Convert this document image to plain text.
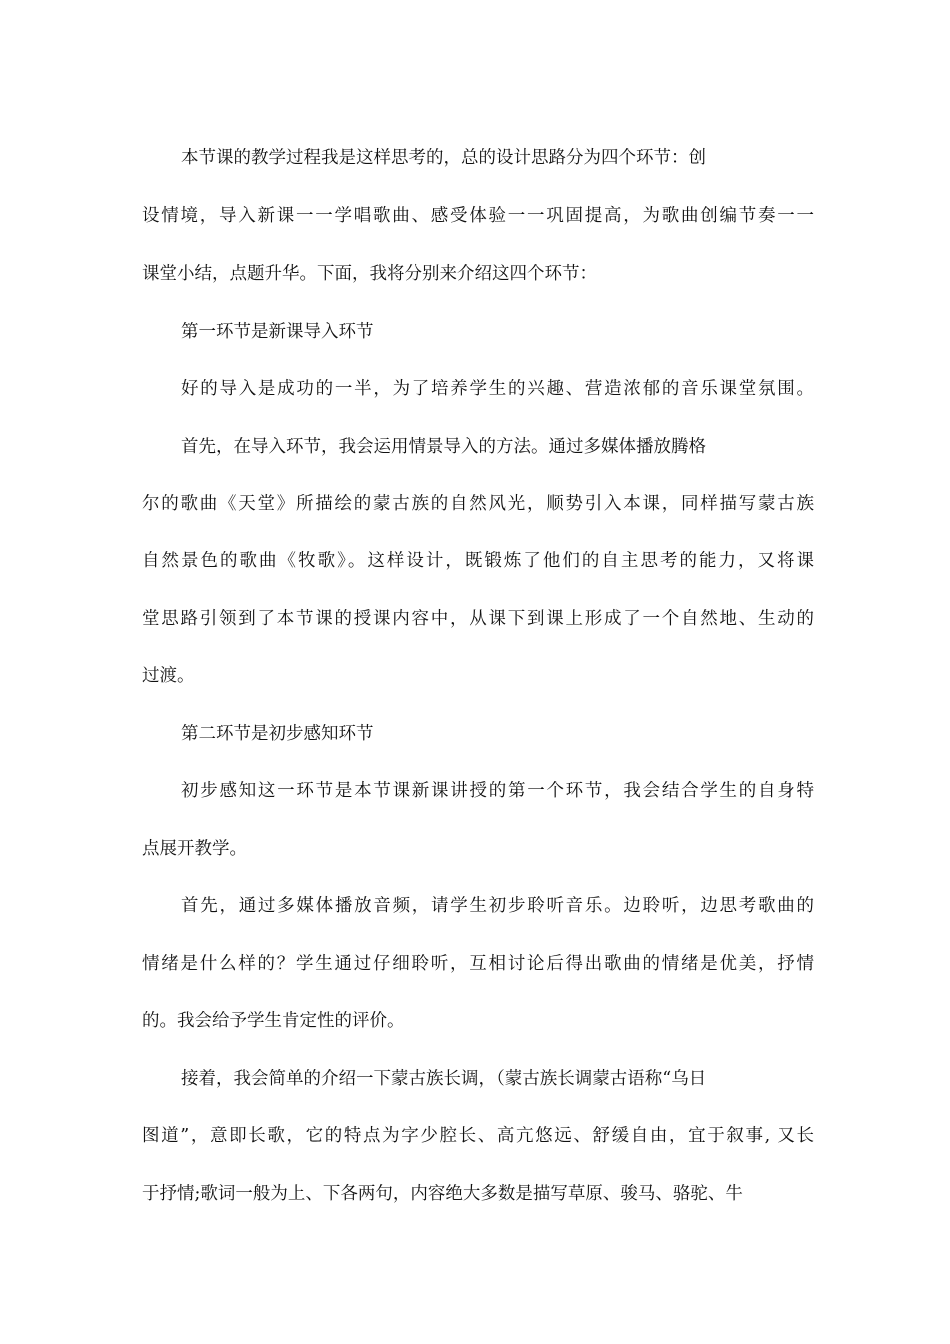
本节课的教学过程我是这样思考的，总的设计思路分为四个环节：创
设情境，导入新课一一学唱歌曲、感受体验一一巩固提高，为歌曲创编节奏一一
课堂小结，点题升华。下面，我将分别来介绍这四个环节：
第一环节是新课导入环节
好的导入是成功的一半，为了培养学生的兴趣、营造浓郁的音乐课堂氛围。
首先，在导入环节，我会运用情景导入的方法。通过多媒体播放腾格
尔的歌曲《天堂》所描绘的蒙古族的自然风光，顺势引入本课，同样描写蒙古族
自然景色的歌曲《牧歌》。这样设计，既锻炼了他们的自主思考的能力，又将课
堂思路引领到了本节课的授课内容中，从课下到课上形成了一个自然地、生动的
过渡。
第二环节是初步感知环节
初步感知这一环节是本节课新课讲授的第一个环节，我会结合学生的自身特
点展开教学。
首先，通过多媒体播放音频，请学生初步聆听音乐。边聆听，边思考歌曲的
情绪是什么样的？学生通过仔细聆听，互相讨论后得出歌曲的情绪是优美，抒情
的。我会给予学生肯定性的评价。
接着，我会简单的介绍一下蒙古族长调，（蒙古族长调蒙古语称“乌日
图道”，意即长歌，它的特点为字少腔长、高亢悠远、舒缓自由，宜于叙事, 又长
于抒情;歌词一般为上、下各两句，内容绝大多数是描写草原、骏马、骆驼、牛
